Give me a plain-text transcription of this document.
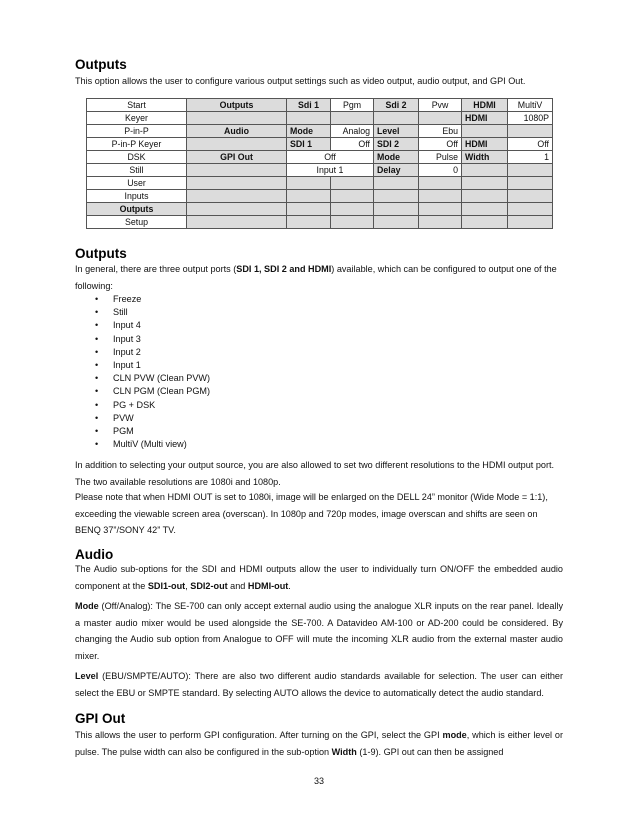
Outputs

This option allows the user to configure various output settings such as video output, audio output, and GPI Out.

Start	Outputs	Sdi 1	Pgm	Sdi 2	Pvw	HDMI	MultiV
Keyer						HDMI	1080P
P-in-P	Audio	Mode	Analog	Level	Ebu		
P-in-P Keyer		SDI 1	Off	SDI 2	Off	HDMI	Off
DSK	GPI Out	Off		Mode	Pulse	Width	1
Still		Input 1		Delay	0		
User							
Inputs							
Outputs							
Setup							
Outputs

In general, there are three output ports (SDI 1, SDI 2 and HDMI) available, which can be configured to output one of the following:

• Freeze
• Still
• Input 4
• Input 3
• Input 2
• Input 1
• CLN PVW (Clean PVW)
• CLN PGM (Clean PGM)
• PG + DSK
• PVW
• PGM
• MultiV (Multi view)

In addition to selecting your output source, you are also allowed to set two different resolutions to the HDMI output port. The two available resolutions are 1080i and 1080p.

Please note that when HDMI OUT is set to 1080i, image will be enlarged on the DELL 24” monitor (Wide Mode = 1:1), exceeding the viewable screen area (overscan). In 1080p and 720p modes, image overscan and shifts are seen on BENQ 37”/SONY 42” TV.

Audio

The Audio sub-options for the SDI and HDMI outputs allow the user to individually turn ON/OFF the embedded audio component at the SDI1-out, SDI2-out and HDMI-out.

Mode (Off/Analog): The SE-700 can only accept external audio using the analogue XLR inputs on the rear panel. Ideally a master audio mixer would be used alongside the SE-700. A Datavideo AM-100 or AD-200 could be considered. By changing the Audio sub option from Analogue to OFF will mute the incoming XLR audio from the external master audio mixer.

Level (EBU/SMPTE/AUTO): There are also two different audio standards available for selection. The user can either select the EBU or SMPTE standard. By selecting AUTO allows the device to automatically detect the audio standard.

GPI Out

This allows the user to perform GPI configuration. After turning on the GPI, select the GPI mode, which is either level or pulse. The pulse width can also be configured in the sub-option Width (1-9). GPI out can then be assigned

33
